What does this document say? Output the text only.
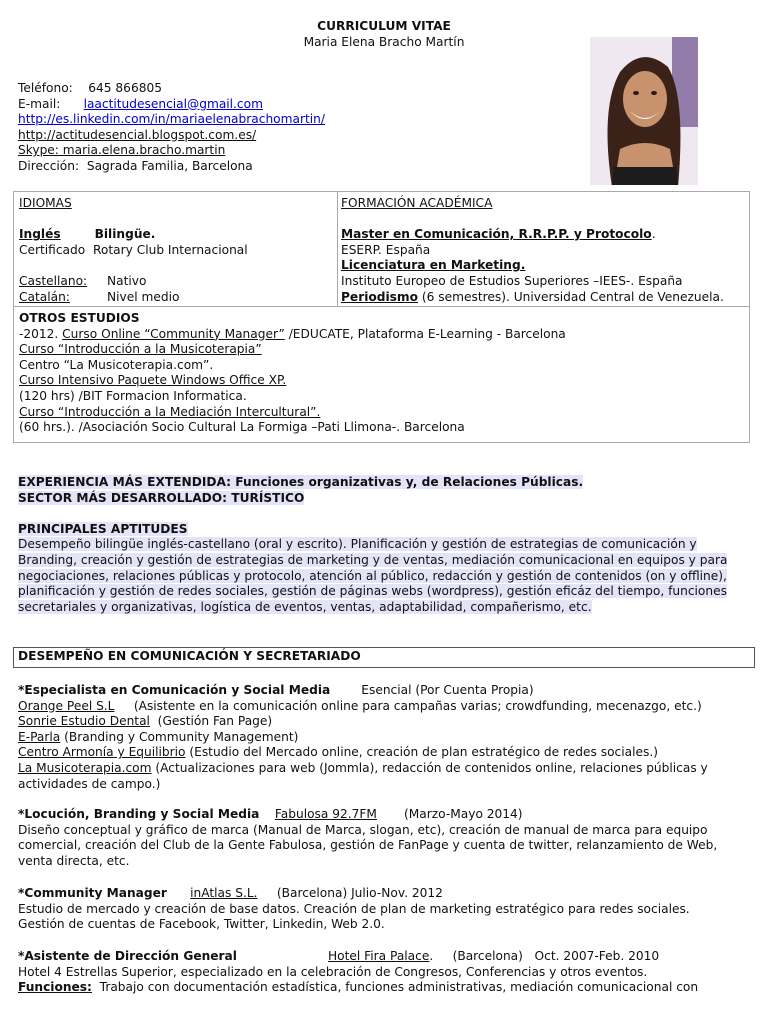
CURRICULUM VITAE
Maria Elena Bracho Martín
Teléfono: 645 866805
E-mail: laactitudesencial@gmail.com
http://es.linkedin.com/in/mariaelenabrachomartin/
http://actitudesencial.blogspot.com.es/
Skype: maria.elena.bracho.martin
Dirección: Sagrada Familia, Barcelona
IDIOMAS

Inglés	Bilingüe.
Certificado Rotary Club Internacional

Castellano: Nativo
Catalán:	Nivel medio
FORMACIÓN ACADÉMICA

Master en Comunicación, R.R.P.P. y Protocolo.
ESERP. España
Licenciatura en Marketing.
Instituto Europeo de Estudios Superiores –IEES-. España
Periodismo (6 semestres). Universidad Central de Venezuela.
OTROS ESTUDIOS
-2012. Curso Online “Community Manager” /EDUCATE, Plataforma E-Learning - Barcelona
Curso “Introducción a la Musicoterapia”
Centro “La Musicoterapia.com”.
Curso Intensivo Paquete Windows Office XP.
(120 hrs) /BIT Formacion Informatica.
Curso “Introducción a la Mediación Intercultural”.
(60 hrs.). /Asociación Socio Cultural La Formiga –Pati Llimona-. Barcelona
EXPERIENCIA MÁS EXTENDIDA: Funciones organizativas y, de Relaciones Públicas.
SECTOR MÁS DESARROLLADO: TURÍSTICO

PRINCIPALES APTITUDES
Desempeño bilingüe inglés-castellano (oral y escrito). Planificación y gestión de estrategias de comunicación y
Branding, creación y gestión de estrategias de marketing y de ventas, mediación comunicacional en equipos y para
negociaciones, relaciones públicas y protocolo, atención al público, redacción y gestión de contenidos (on y offline),
planificación y gestión de redes sociales, gestión de páginas webs (wordpress), gestión eficáz del tiempo, funciones
secretariales y organizativas, logística de eventos, ventas, adaptabilidad, compañerismo, etc.
DESEMPEÑO EN COMUNICACIÓN Y SECRETARIADO
*Especialista en Comunicación y Social Media	Esencial (Por Cuenta Propia)
Orange Peel S.L     (Asistente en la comunicación online para campañas varias; crowdfunding, mecenazgo, etc.)
Sonrie Estudio Dental  (Gestión Fan Page)
E-Parla (Branding y Community Management)
Centro Armonía y Equilibrio (Estudio del Mercado online, creación de plan estratégico de redes sociales.)
La Musicoterapia.com (Actualizaciones para web (Jommla), redacción de contenidos online, relaciones públicas y
actividades de campo.)
*Locución, Branding y Social Media Fabulosa 92.7FM (Marzo-Mayo 2014)
Diseño conceptual y gráfico de marca (Manual de Marca, slogan, etc), creación de manual de marca para equipo
comercial, creación del Club de la Gente Fabulosa, gestión de FanPage y cuenta de twitter, relanzamiento de Web,
venta directa, etc.
*Community Manager inAtlas S.L. (Barcelona) Julio-Nov. 2012
Estudio de mercado y creación de base datos. Creación de plan de marketing estratégico para redes sociales.
Gestión de cuentas de Facebook, Twitter, Linkedin, Web 2.0.
*Asistente de Dirección General	Hotel Fira Palace.     (Barcelona)   Oct. 2007-Feb. 2010
Hotel 4 Estrellas Superior, especializado en la celebración de Congresos, Conferencias y otros eventos.
Funciones:  Trabajo con documentación estadística, funciones administrativas, mediación comunicacional con
